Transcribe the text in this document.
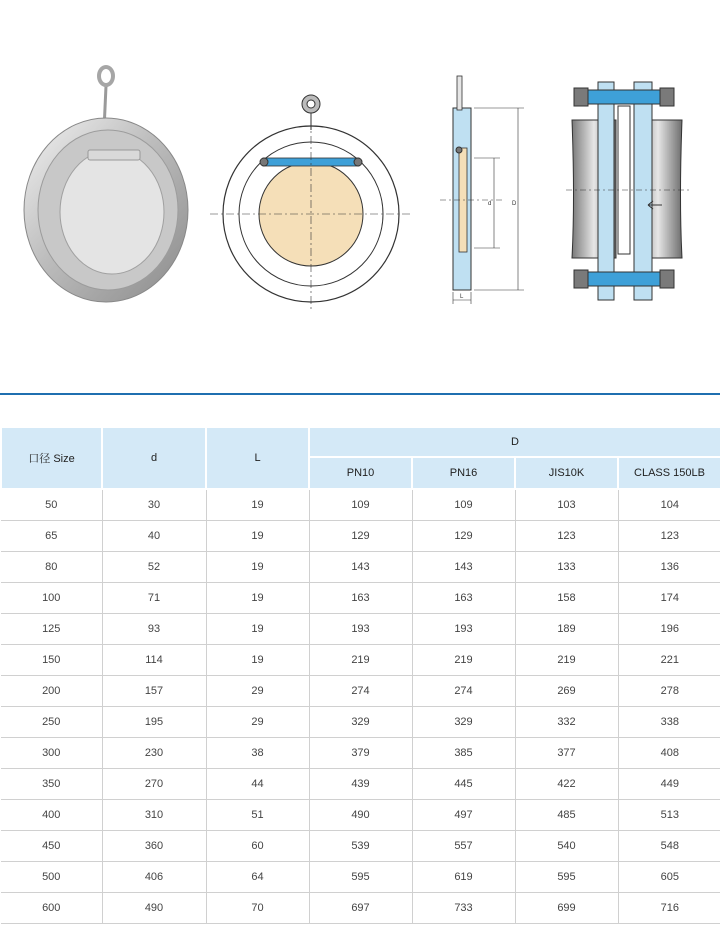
d	D
L
口径 Size	d	L	D			
			PN10	PN16	JIS10K	CLASS 150LB
50	30	19	109	109	103	104
65	40	19	129	129	123	123
80	52	19	143	143	133	136
100	71	19	163	163	158	174
125	93	19	193	193	189	196
150	114	19	219	219	219	221
200	157	29	274	274	269	278
250	195	29	329	329	332	338
300	230	38	379	385	377	408
350	270	44	439	445	422	449
400	310	51	490	497	485	513
450	360	60	539	557	540	548
500	406	64	595	619	595	605
600	490	70	697	733	699	716
